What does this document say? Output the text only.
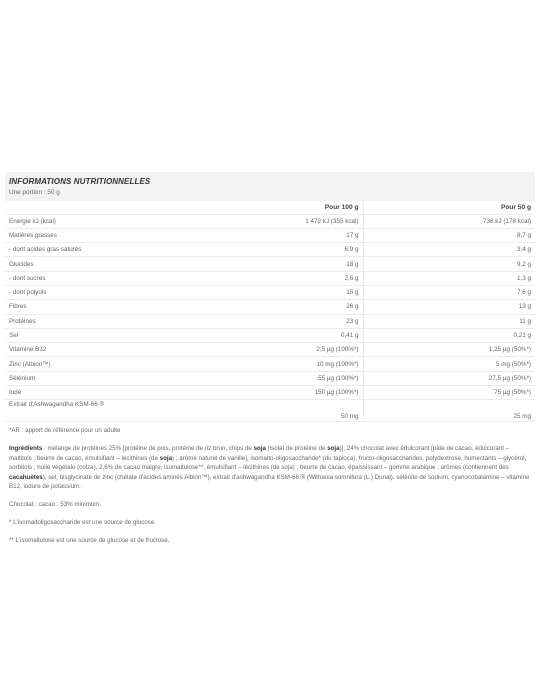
INFORMATIONS NUTRITIONNELLES
Une portion : 50 g
	Pour 100 g	Pour 50 g
Energie kJ (kcal)	1 472 kJ (355 kcal)	736 kJ (178 kcal)
Matières grasses	17 g	8,7 g
- dont acides gras saturés	6,9 g	3,4 g
Glucides	18 g	9,2 g
- dont sucres	2,6 g	1,3 g
- dont polyols	15 g	7,6 g
Fibres	26 g	13 g
Protéines	23 g	11 g
Sel	0,41 g	0,21 g
Vitamine B12	2,5 µg (100%*)	1,25 µg (50%*)
Zinc (Albion™)	10 mg (100%*)	5 mg (50%*)
Sélénium	55 µg (100%*)	27,5 µg (50%*)
Iode	150 µg (100%*)	75 µg (50%*)
Extrait d'Ashwagandha KSM-66 ®	50 mg	25 mg
*AR : apport de référence pour un adulte
Ingrédients : mélange de protéines 25% [protéine de pois, protéine de riz brun, chips de soja (isolat de protéine de soja)], 24% chocolat avec édulcorant [pâte de cacao, édulcorant – maltitols ; beurre de cacao, émulsifiant – lécithines (de soja) ; arôme naturel de vanille], isomalto-oligosaccharide* (du tapioca), fructo-oligosaccharides, polydextrose, humectants – glycérol, sorbitols ; huile végétale (colza), 2,6% de cacao maigre, isomaltulose**, émulsifiant – lécithines (de soja) ; beurre de cacao, épaississant – gomme arabique ; arômes (contiennent des cacahuètes), sel, bisglycinate de zinc (chélate d'acides aminés Albion™), extrait d'ashwagandha KSM-66 ® (Withania somnifera (L.) Dunal), sélénite de sodium, cyanocobalamine – vitamine B12, iodure de potassium.
Chocolat : cacao : 53% minimum.
* L'isomaltoligosaccharide est une source de glucose.
** L'isomaltulose est une source de glucose et de fructose.
